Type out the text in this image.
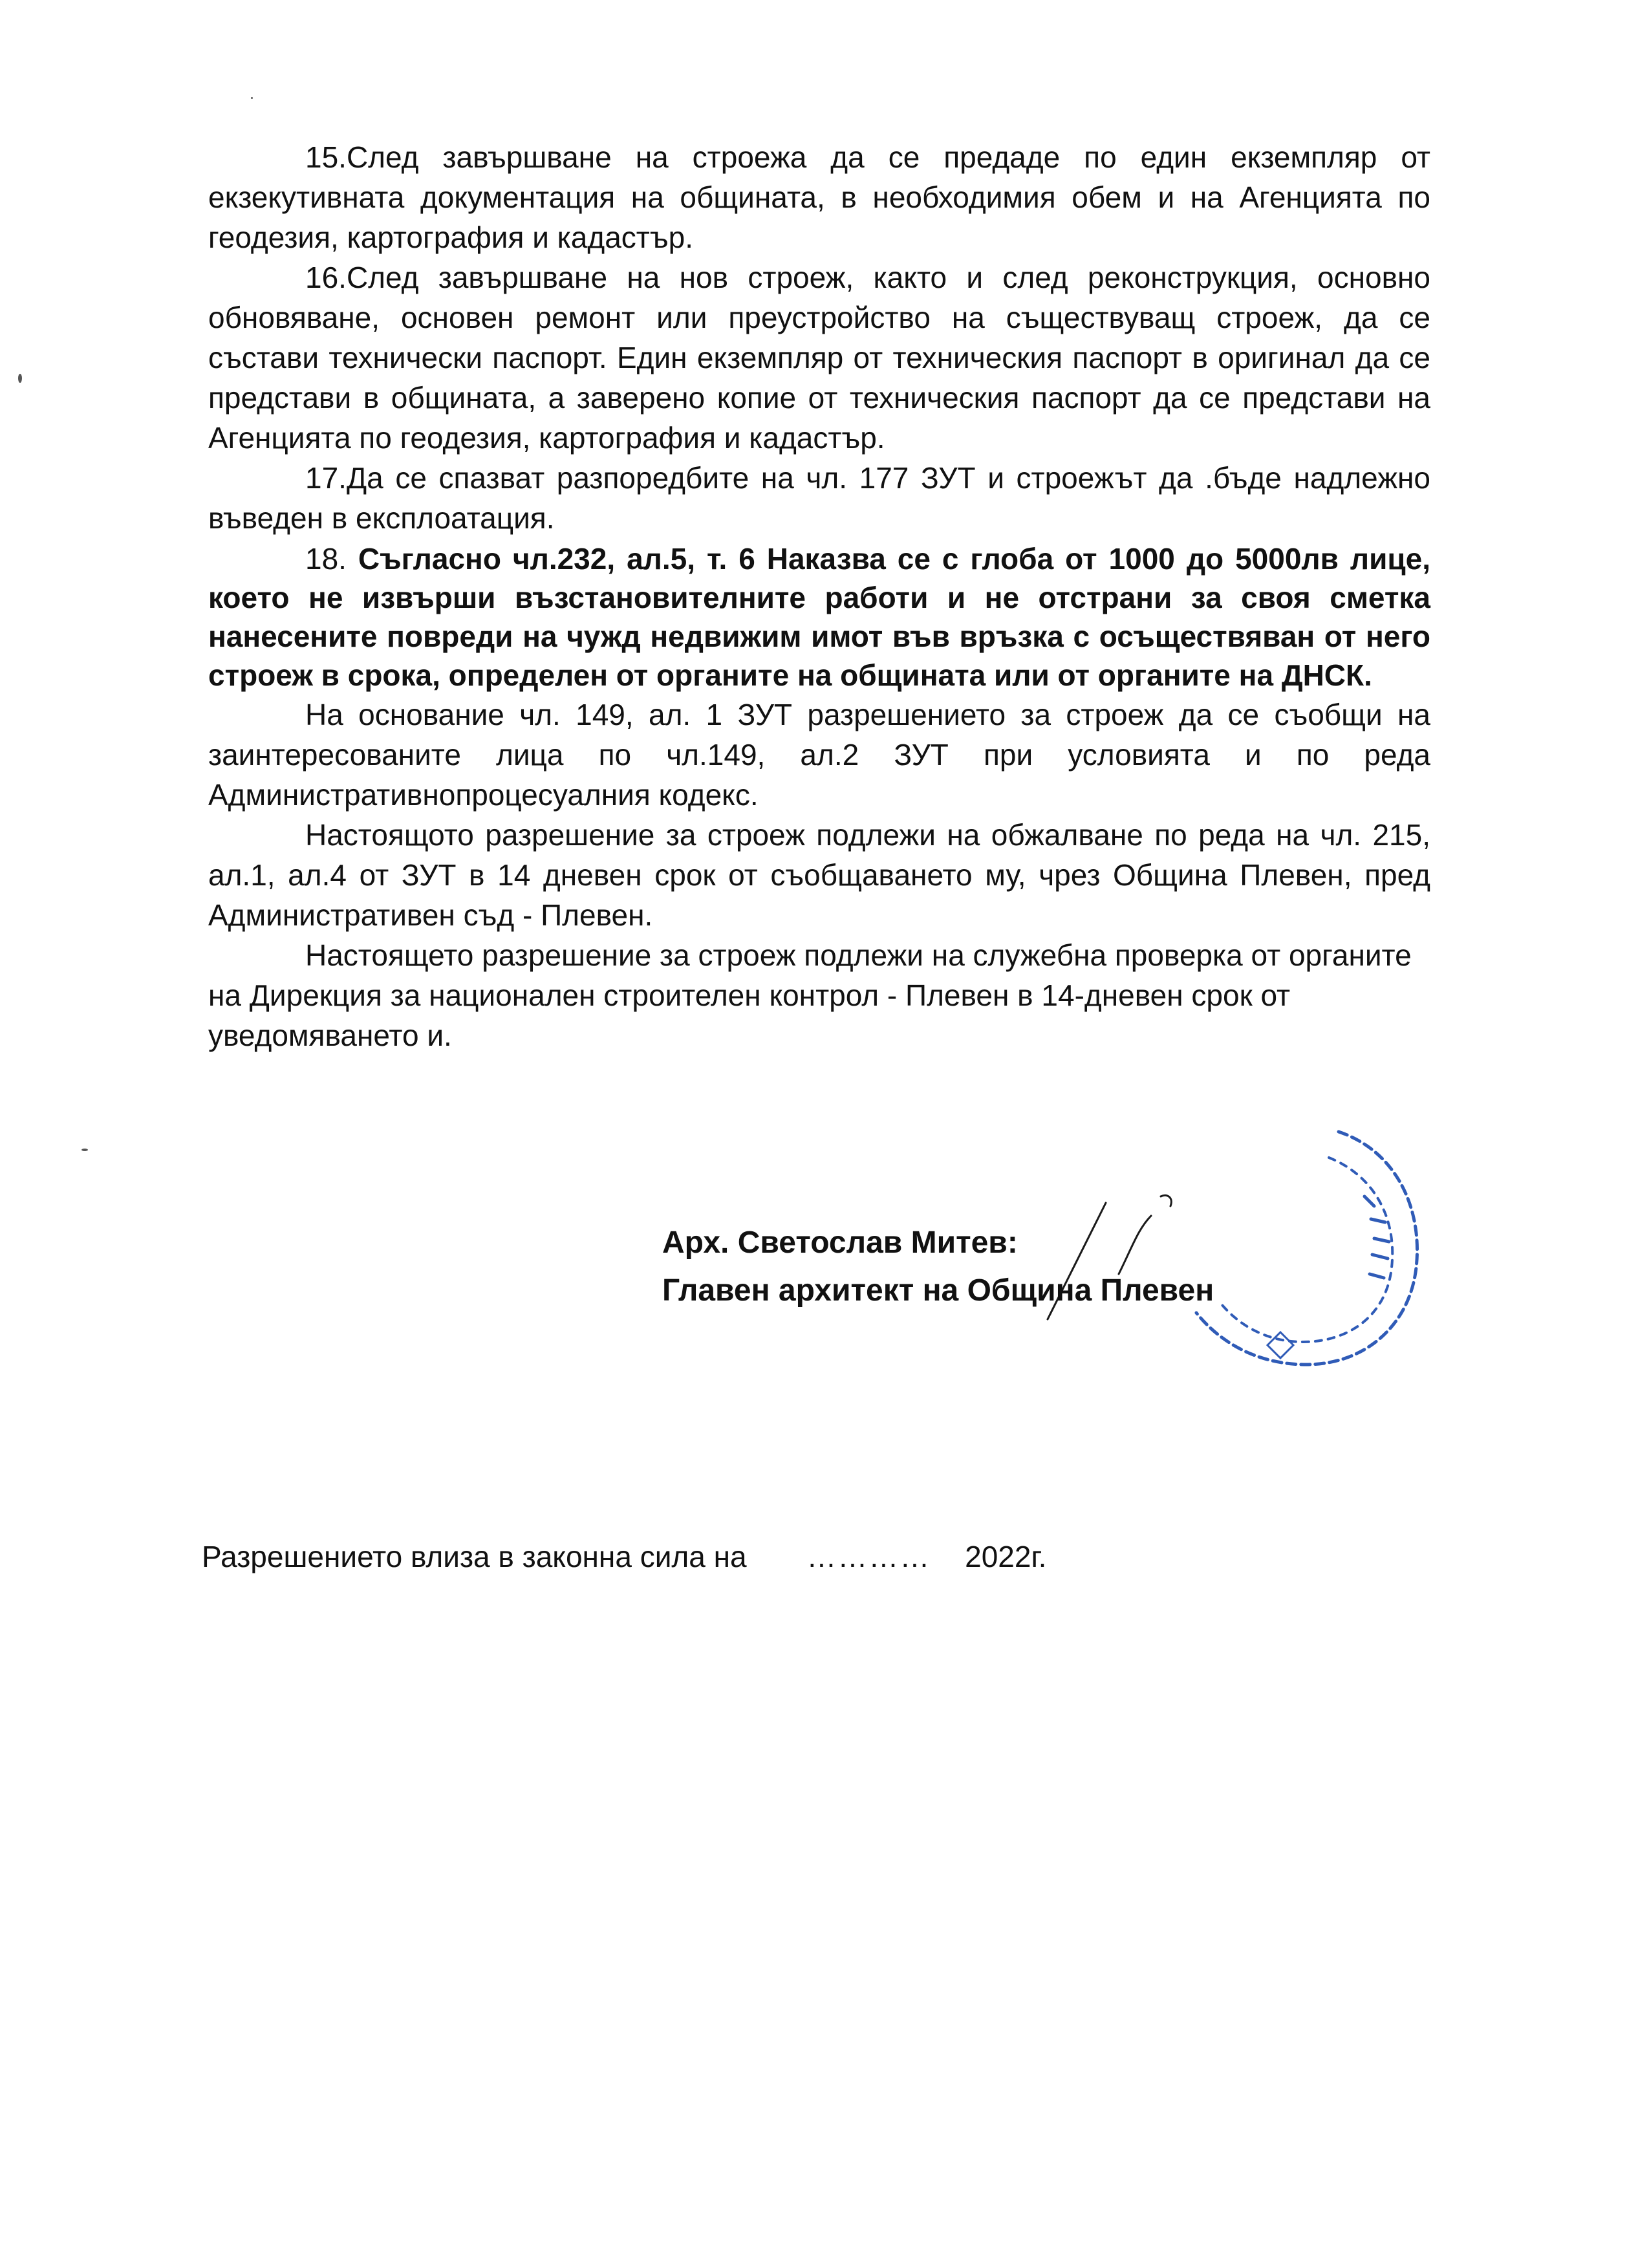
15.След завършване на строежа да се предаде по един екземпляр от екзекутивната документация на общината, в необходимия обем и на Агенцията по геодезия, картография и кадастър.

16.След завършване на нов строеж, както и след реконструкция, основно обновяване, основен ремонт или преустройство на съществуващ строеж, да се състави технически паспорт. Един екземпляр от техническия паспорт в оригинал да се представи в общината, а заверено копие от техническия паспорт да се представи на Агенцията по геодезия, картография и кадастър.

17.Да се спазват разпоредбите на чл. 177 ЗУТ и строежът да .бъде надлежно въведен в експлоатация.

18. Съгласно чл.232, ал.5, т. 6 Наказва се с глоба от 1000 до 5000лв лице, което не извърши възстановителните работи и не отстрани за своя сметка нанесените повреди на чужд недвижим имот във връзка с осъществяван от него строеж в срока, определен от органите на общината или от органите на ДНСК.

На основание чл. 149, ал. 1 ЗУТ разрешението за строеж да се съобщи на заинтересованите лица по чл.149, ал.2 ЗУТ при условията и по реда Административнопроцесуалния кодекс.

Настоящото разрешение за строеж подлежи на обжалване по реда на чл. 215, ал.1, ал.4 от ЗУТ в 14 дневен срок от съобщаването му, чрез Община Плевен, пред Административен съд - Плевен.

Настоящето разрешение за строеж подлежи на служебна проверка от органите на Дирекция за национален строителен контрол - Плевен в 14-дневен срок от уведомяването и.

Арх. Светослав Митев:
Главен архитект на Община Плевен
Разрешението влиза в законна сила на ………… 2022г.
